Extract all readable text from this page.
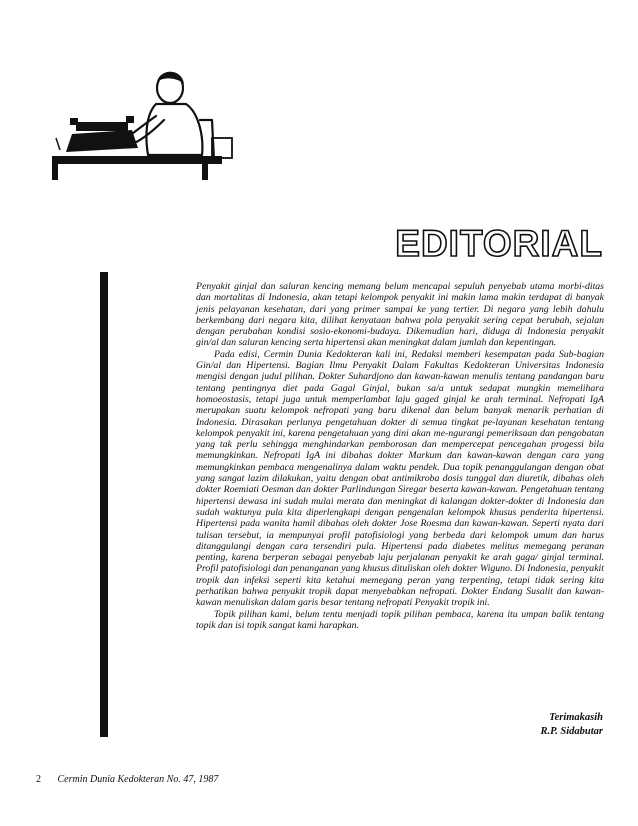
EDITORIAL

Penyakit ginjal dan saluran kencing memang belum mencapai sepuluh penyebab utama morbi-ditas dan mortalitas di Indonesia, akan tetapi kelompok penyakit ini makin lama makin terdapat di banyak jenis pelayanan kesehatan, dari yang primer sampai ke yang tertier. Di negara yang lebih dahulu berkembang dari negara kita, dilihat kenyataan bahwa pola penyakit sering cepat berubah, sejalan dengan perubahan kondisi sosio-ekonomi-budaya. Dikemudian hari, diduga di Indonesia penyakit gin/al dan saluran kencing serta hipertensi akan meningkat dalam jumlah dan kepentingan.

Pada edisi, Cermin Dunia Kedokteran kali ini, Redaksi memberi kesempatan pada Sub-bagian Gin/al dan Hipertensi. Bagian Ilmu Penyakit Dalam Fakultas Kedokteran Universitas Indonesia mengisi dengan judul pilihan. Dokter Suhardjono dan kawan-kawan menulis tentang pandangan baru tentang pentingnya diet pada Gagal Ginjal, bukan sa/a untuk sedapat mungkin memelihara homoeostasis, tetapi juga untuk memperlambat laju gaged ginjal ke arah terminal. Nefropati IgA merupakan suatu kelompok nefropati yang baru dikenal dan belum banyak menarik perhatian di Indonesia. Dirasakan perlunya pengetahuan dokter di semua tingkat pe-layanan kesehatan tentang kelompok penyakit ini, karena pengetahuan yang dini akan me-ngurangi pemeriksaan dan pengobatan yang tak perlu sehingga menghindarkan pemborosan dan mempercepat pencegahan progessi bila memungkinkan. Nefropati IgA ini dibahas dokter Markum dan kawan-kawan dengan cara yang memungkinkan pembaca mengenalinya dalam waktu pendek. Dua topik penanggulangan dengan obat yang sangat lazim dilakukan, yaitu dengan obat antimikroba dosis tunggal dan diuretik, dibahas oleh dokter Roemiati Oesman dan dokter Parlindungan Siregar beserta kawan-kawan. Pengetahuan tentang hipertensi dewasa ini sudah mulai merata dan meningkat di kalangan dokter-dokter di Indonesia dan sudah waktunya pula kita diperlengkapi dengan pengenalan kelompok khusus penderita hipertensi. Hipertensi pada wanita hamil dibahas oleh dokter Jose Roesma dan kawan-kawan. Seperti nyata dari tulisan tersebut, ia mempunyai profil patofisiologi yang berbeda dari kelompok umum dan harus ditanggulangi dengan cara tersendiri pula. Hipertensi pada diabetes melitus memegang peranan penting, karena berperan sebagai penyebab laju perjalanan penyakit ke arah gaga/ ginjal terminal. Profil patofisiologi dan penanganan yang khusus dituliskan oleh dokter Wiguno. Di Indonesia, penyakit tropik dan infeksi seperti kita ketahui memegang peran yang terpenting, tetapi tidak sering kita perhatikan bahwa penyakit tropik dapat menyebabkan nefropati. Dokter Endang Susalit dan kawan-kawan menuliskan dalam garis besar tentang nefropati Penyakit tropik ini.

Topik pilihan kami, belum tentu menjadi topik pilihan pembaca, karena itu umpan balik tentang topik dan isi topik sangat kami harapkan.

Terimakasih
R.P. Sidabutar
2 Cermin Dunia Kedokteran No. 47, 1987
